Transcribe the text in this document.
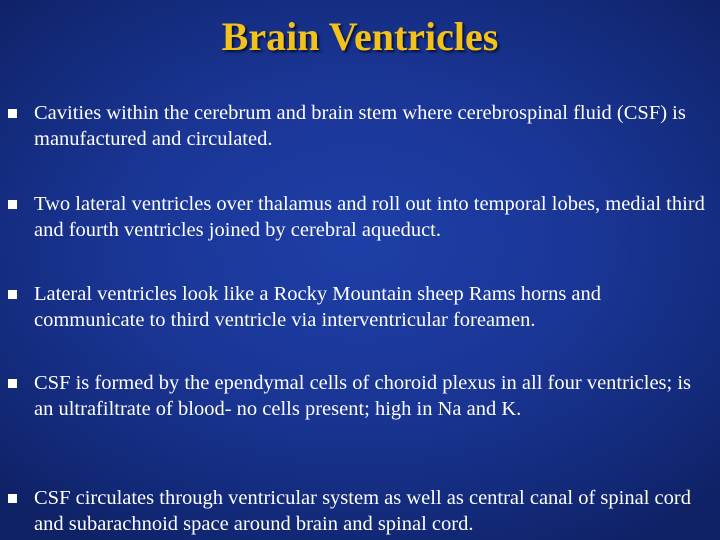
Brain Ventricles

Cavities within the cerebrum and brain stem where cerebrospinal fluid (CSF) is manufactured and circulated.

Two lateral ventricles over thalamus and roll out into temporal lobes, medial third and fourth ventricles joined by cerebral aqueduct.

Lateral ventricles look like a Rocky Mountain sheep Rams horns and communicate to third ventricle via interventricular foreamen.

CSF is formed by the ependymal cells of choroid plexus in all four ventricles; is an ultrafiltrate of blood- no cells present; high in Na and K.

CSF circulates through ventricular system as well as central canal of spinal cord and subarachnoid space around brain and spinal cord.
